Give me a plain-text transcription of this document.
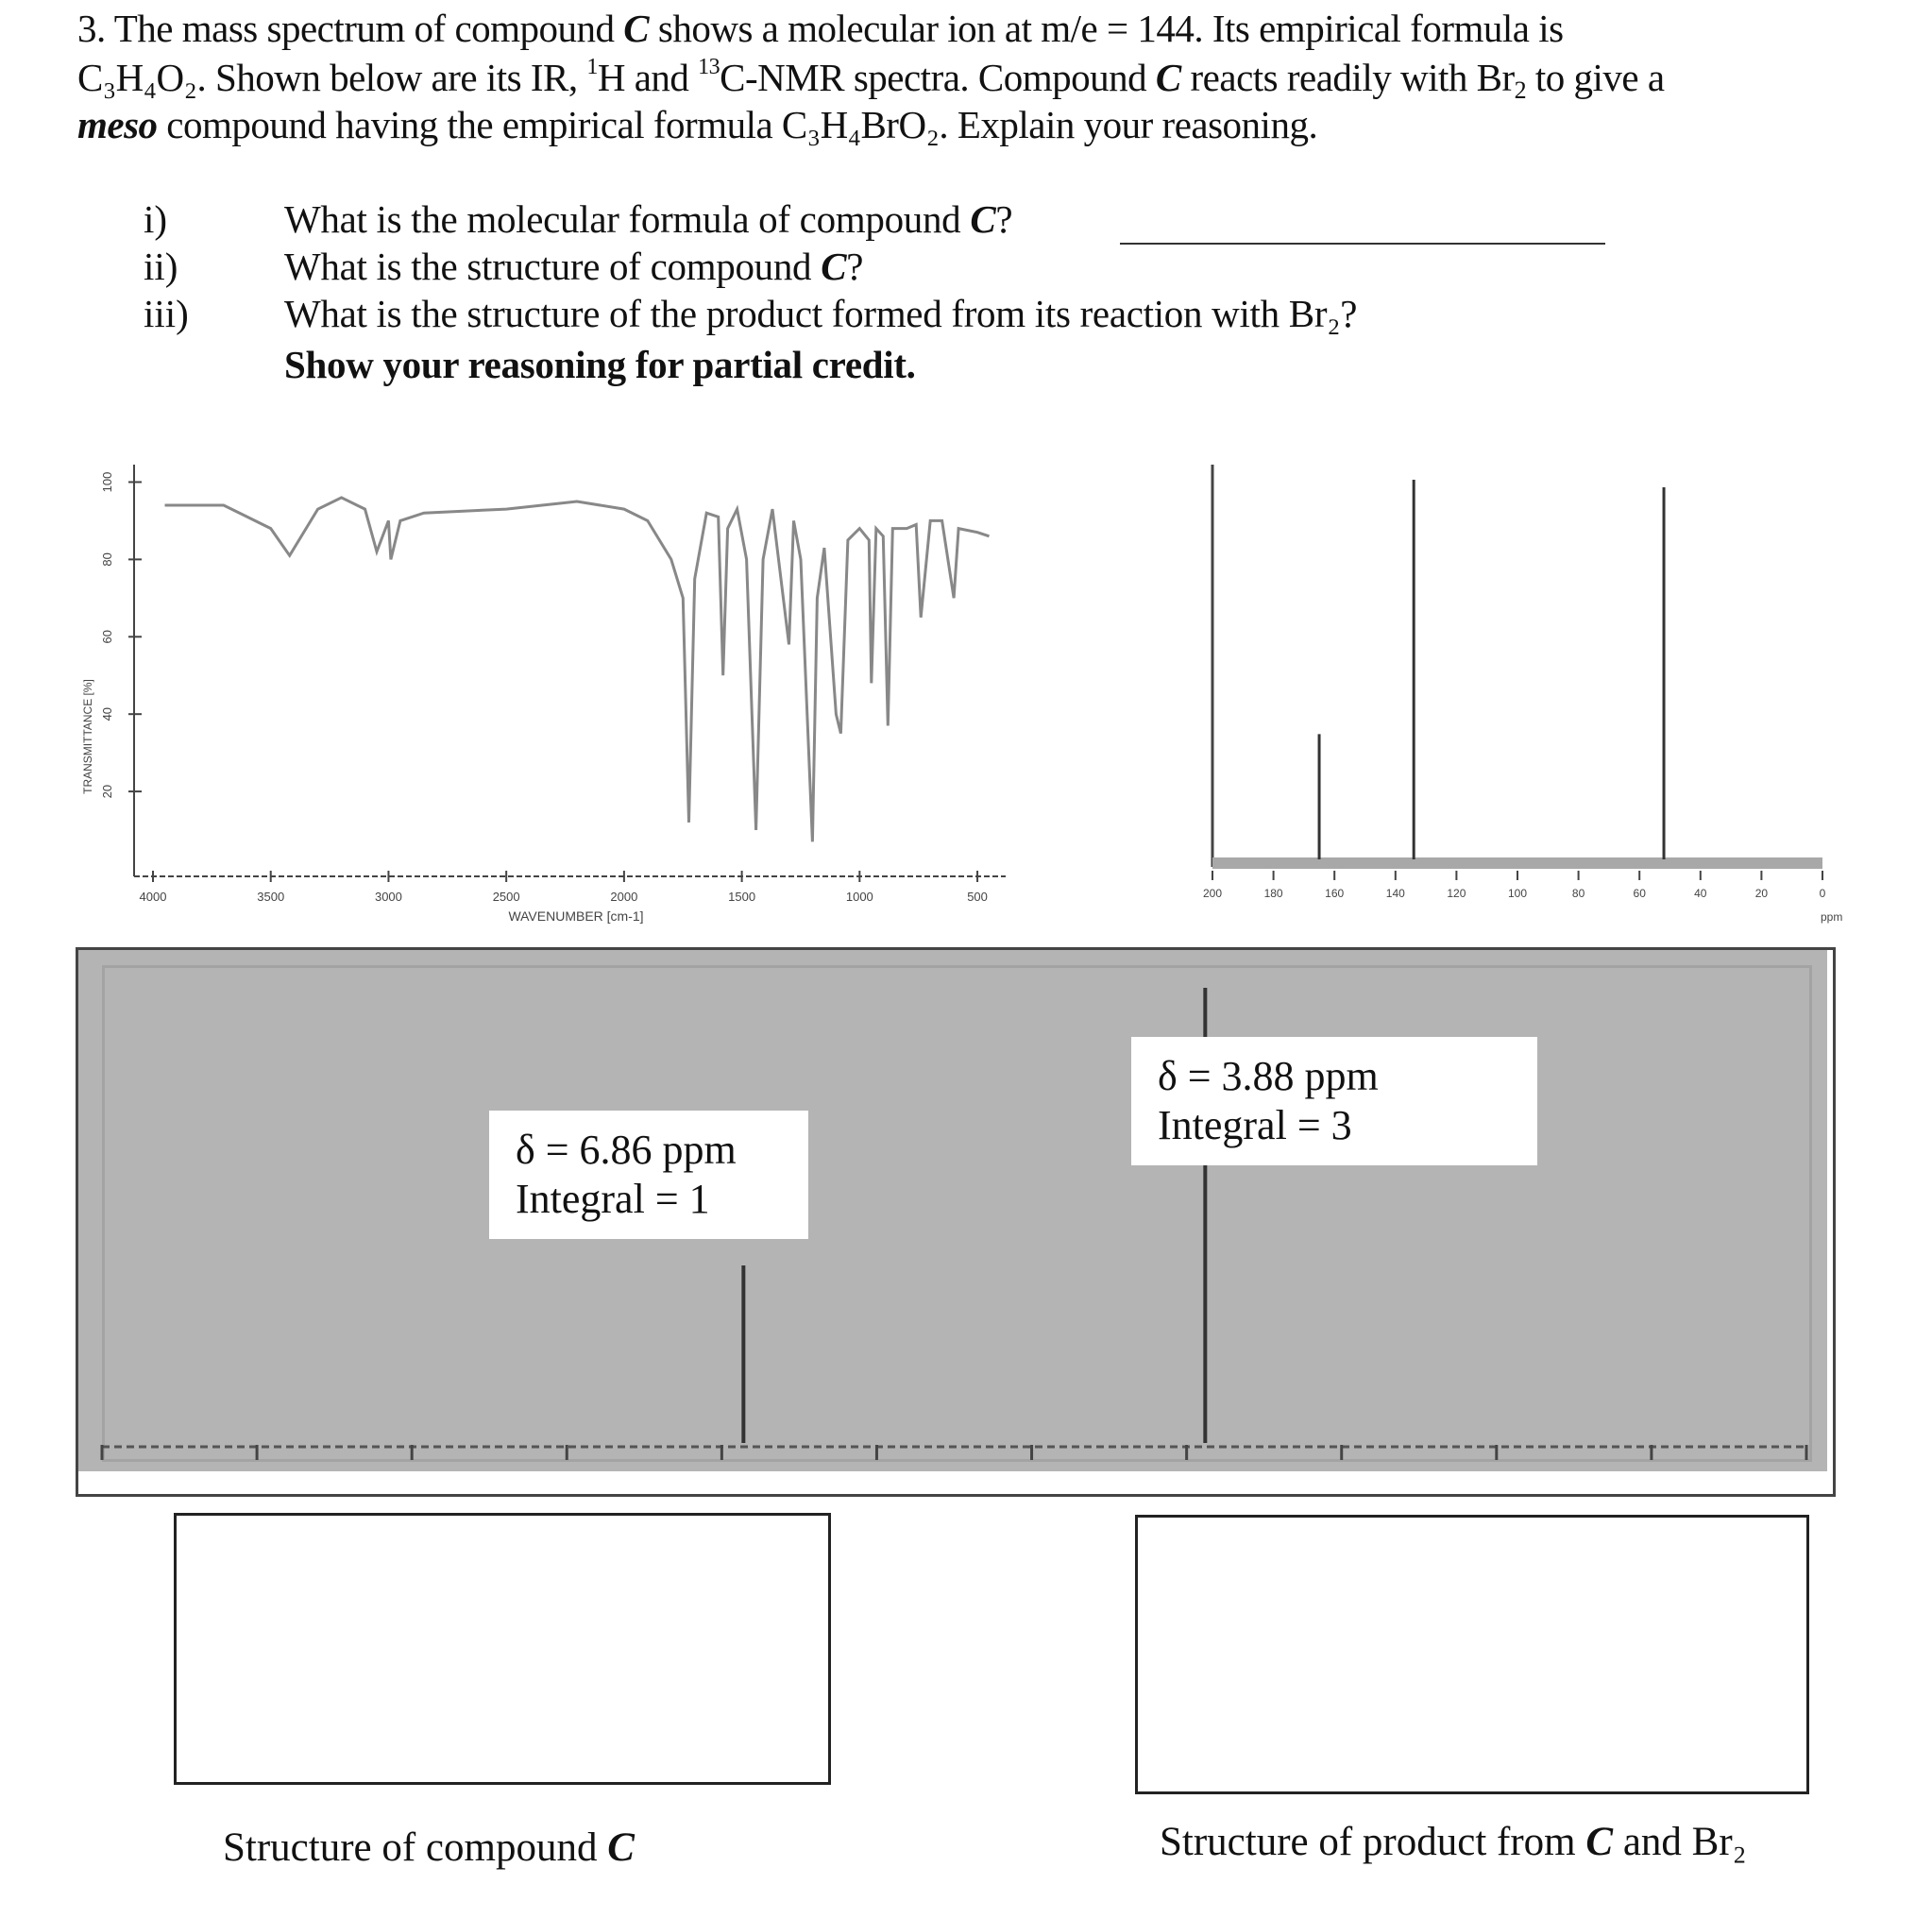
3. The mass spectrum of compound C shows a molecular ion at m/e = 144. Its empirical formula is
C₃H₄O₂. Shown below are its IR, $^1$H and $^{13}$C-NMR spectra. Compound C reacts readily with $Br_2$ to give a
meso compound having the empirical formula C₃H₄BrO₂. Explain your reasoning.
i)	What is the molecular formula of compound C?
ii)	What is the structure of compound C?
iii) What is the structure of the product formed from its reaction with Br₂?
Show your reasoning for partial credit.
20
40
60
80
100
4000	3500	3000	2500	2000	1500	1000	500
WAVENUMBER [cm-1]
TRANSMITTANCE [%]
200	180	160	140	120	100	80	60	40	20	0
ppm
δ = 6.86 ppm
Integral = 1
δ = 3.88 ppm
Integral = 3
Structure of compound C	Structure of product from C and Br₂
